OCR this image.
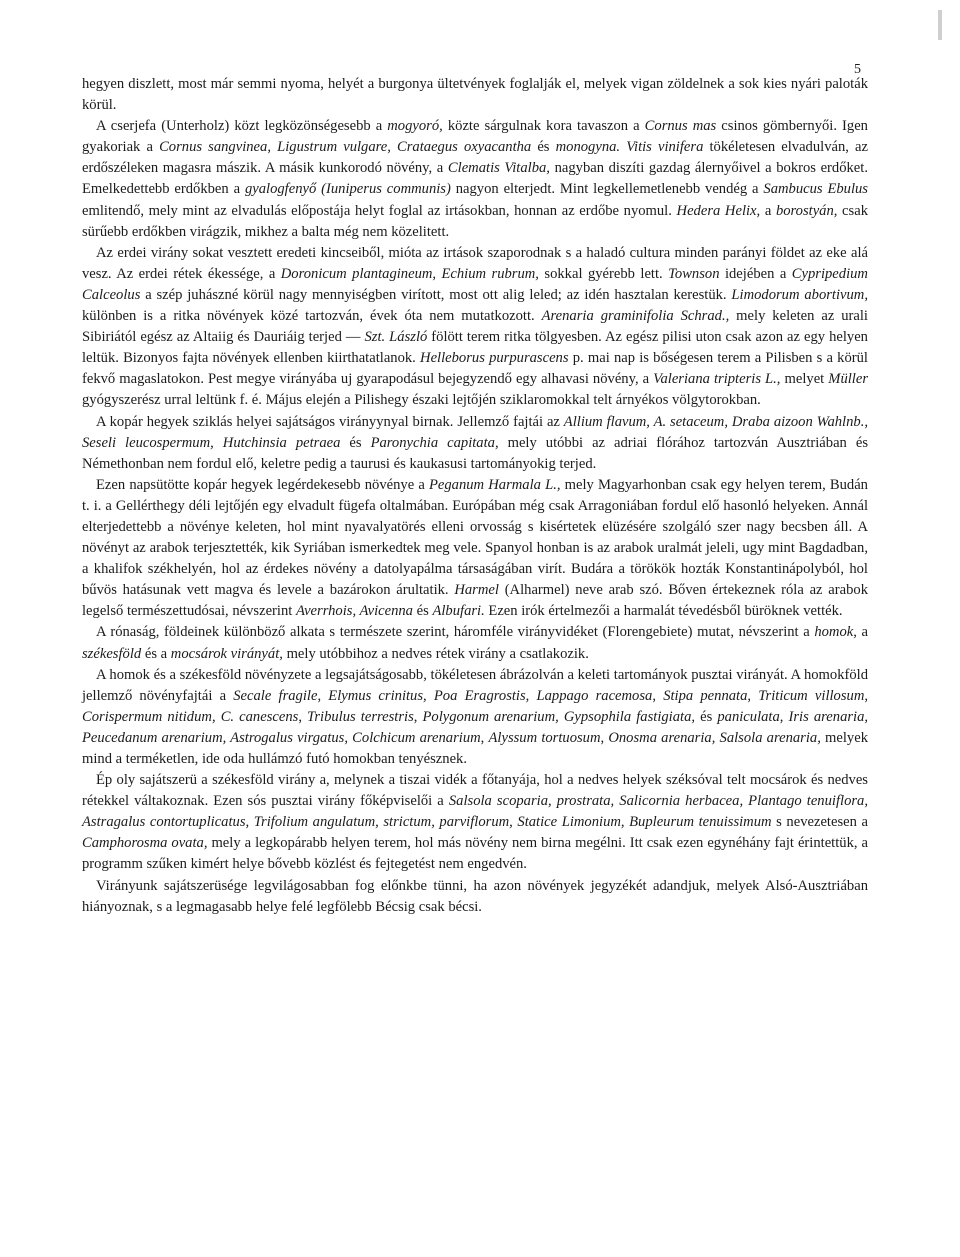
5

hegyen diszlett, most már semmi nyoma, helyét a burgonya ültetvények foglalják el, melyek vigan zöldelnek a sok kies nyári paloták körül.

A cserjefa (Unterholz) közt legközönségesebb a mogyoró, közte sárgulnak kora tavaszon a Cornus mas csinos gömbernyői. Igen gyakoriak a Cornus sangvinea, Ligustrum vulgare, Crataegus oxyacantha és monogyna. Vitis vinifera tökéletesen elvadulván, az erdőszéleken magasra mászik. A másik kunkorodó növény, a Clematis Vitalba, nagyban diszíti gazdag álernyőivel a bokros erdőket. Emelkedettebb erdőkben a gyalogfenyő (Iuniperus communis) nagyon elterjedt. Mint legkellemetlenebb vendég a Sambucus Ebulus emlitendő, mely mint az elvadulás előpostája helyt foglal az irtásokban, honnan az erdőbe nyomul. Hedera Helix, a borostyán, csak sürűebb erdőkben virágzik, mikhez a balta még nem közelitett.

Az erdei virány sokat vesztett eredeti kincseiből, mióta az irtások szaporodnak s a haladó cultura minden parányi földet az eke alá vesz. Az erdei rétek ékessége, a Doronicum plantagineum, Echium rubrum, sokkal gyérebb lett. Townson idejében a Cypripedium Calceolus a szép juhászné körül nagy mennyiségben virított, most ott alig leled; az idén hasztalan kerestük. Limodorum abortivum, különben is a ritka növények közé tartozván, évek óta nem mutatkozott. Arenaria graminifolia Schrad., mely keleten az urali Sibiriától egész az Altaiig és Dauriáig terjed — Szt. László fölött terem ritka tölgyesben. Az egész pilisi uton csak azon az egy helyen leltük. Bizonyos fajta növények ellenben kiirthatatlanok. Helleborus purpurascens p. mai nap is bőségesen terem a Pilisben s a körül fekvő magaslatokon. Pest megye virányába uj gyarapodásul bejegyzendő egy alhavasi növény, a Valeriana tripteris L., melyet Müller gyógyszerész urral leltünk f. é. Május elején a Pilishegy északi lejtőjén sziklaromokkal telt árnyékos völgytorokban.

A kopár hegyek sziklás helyei sajátságos virányynyal birnak. Jellemző fajtái az Allium flavum, A. setaceum, Draba aizoon Wahlnb., Seseli leucospermum, Hutchinsia petraea és Paronychia capitata, mely utóbbi az adriai flórához tartozván Ausztriában és Némethonban nem fordul elő, keletre pedig a taurusi és kaukasusi tartományokig terjed.

Ezen napsütötte kopár hegyek legérdekesebb növénye a Peganum Harmala L., mely Magyarhonban csak egy helyen terem, Budán t. i. a Gellérthegy déli lejtőjén egy elvadult fügefa oltalmában. Európában még csak Arragoniában fordul elő hasonló helyeken. Annál elterjedettebb a növénye keleten, hol mint nyavalyatörés elleni orvosság s kisértetek elüzésére szolgáló szer nagy becsben áll. A növényt az arabok terjesztették, kik Syriában ismerkedtek meg vele. Spanyol honban is az arabok uralmát jeleli, ugy mint Bagdadban, a khalifok székhelyén, hol az érdekes növény a datolyapálma társaságában virít. Budára a törökök hozták Konstantinápolyból, hol bűvös hatásunak vett magva és levele a bazárokon árultatik. Harmel (Alharmel) neve arab szó. Bőven értekeznek róla az arabok legelső természettudósai, névszerint Averrhois, Avicenna és Albufari. Ezen irók értelmezői a harmalát tévedésből büröknek vették.

A rónaság, földeinek különböző alkata s természete szerint, háromféle virányvidéket (Florengebiete) mutat, névszerint a homok, a székesföld és a mocsárok virányát, mely utóbbihoz a nedves rétek virány a csatlakozik.

A homok és a székesföld növényzete a legsajátságosabb, tökéletesen ábrázolván a keleti tartományok pusztai virányát. A homokföld jellemző növényfajtái a Secale fragile, Elymus crinitus, Poa Eragrostis, Lappago racemosa, Stipa pennata, Triticum villosum, Corispermum nitidum, C. canescens, Tribulus terrestris, Polygonum arenarium, Gypsophila fastigiata, és paniculata, Iris arenaria, Peucedanum arenarium, Astrogalus virgatus, Colchicum arenarium, Alyssum tortuosum, Onosma arenaria, Salsola arenaria, melyek mind a terméketlen, ide oda hullámzó futó homokban tenyésznek.

Ép oly sajátszerü a székesföld virány a, melynek a tiszai vidék a főtanyája, hol a nedves helyek széksóval telt mocsárok és nedves rétekkel váltakoznak. Ezen sós pusztai virány főképviselői a Salsola scoparia, prostrata, Salicornia herbacea, Plantago tenuiflora, Astragalus contortuplicatus, Trifolium angulatum, strictum, parviflorum, Statice Limonium, Bupleurum tenuissimum s nevezetesen a Camphorosma ovata, mely a legkopárabb helyen terem, hol más növény nem birna megélni. Itt csak ezen egynéhány fajt érintettük, a programm szűken kimért helye bővebb közlést és fejtegetést nem engedvén.

Virányunk sajátszerüsége legvilágosabban fog előnkbe tünni, ha azon növények jegyzékét adandjuk, melyek Alsó-Ausztriában hiányoznak, s a legmagasabb helye felé legfölebb Bécsig csak bécsi.
